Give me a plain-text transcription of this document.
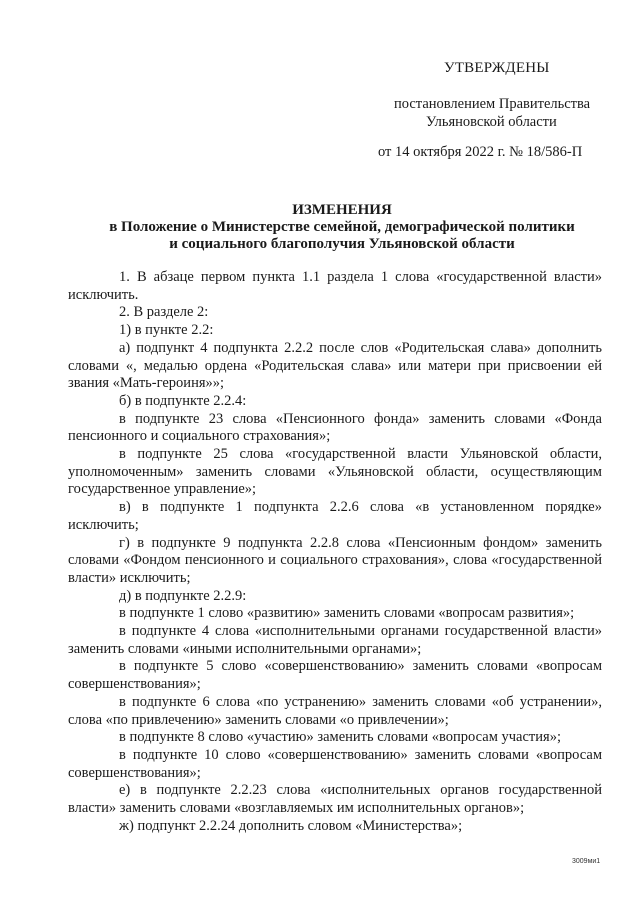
УТВЕРЖДЕНЫ
постановлением Правительства
Ульяновской области
от 14 октября 2022 г. № 18/586-П
ИЗМЕНЕНИЯ
в Положение о Министерстве семейной, демографической политики
и социального благополучия Ульяновской области

1. В абзаце первом пункта 1.1 раздела 1 слова «государственной власти» исключить.

2. В разделе 2:

1) в пункте 2.2:

а) подпункт 4 подпункта 2.2.2 после слов «Родительская слава» дополнить словами «, медалью ордена «Родительская слава» или матери при присвоении ей звания «Мать-героиня»»;

б) в подпункте 2.2.4:

в подпункте 23 слова «Пенсионного фонда» заменить словами «Фонда пенсионного и социального страхования»;

в подпункте 25 слова «государственной власти Ульяновской области, уполномоченным» заменить словами «Ульяновской области, осуществляющим государственное управление»;

в) в подпункте 1 подпункта 2.2.6 слова «в установленном порядке» исключить;

г) в подпункте 9 подпункта 2.2.8 слова «Пенсионным фондом» заменить словами «Фондом пенсионного и социального страхования», слова «государственной власти» исключить;

д) в подпункте 2.2.9:

в подпункте 1 слово «развитию» заменить словами «вопросам развития»;

в подпункте 4 слова «исполнительными органами государственной власти» заменить словами «иными исполнительными органами»;

в подпункте 5 слово «совершенствованию» заменить словами «вопросам совершенствования»;

в подпункте 6 слова «по устранению» заменить словами «об устранении», слова «по привлечению» заменить словами «о привлечении»;

в подпункте 8 слово «участию» заменить словами «вопросам участия»;

в подпункте 10 слово «совершенствованию» заменить словами «вопросам совершенствования»;

е) в подпункте 2.2.23 слова «исполнительных органов государственной власти» заменить словами «возглавляемых им исполнительных органов»;

ж) подпункт 2.2.24 дополнить словом «Министерства»;

3009ми1
